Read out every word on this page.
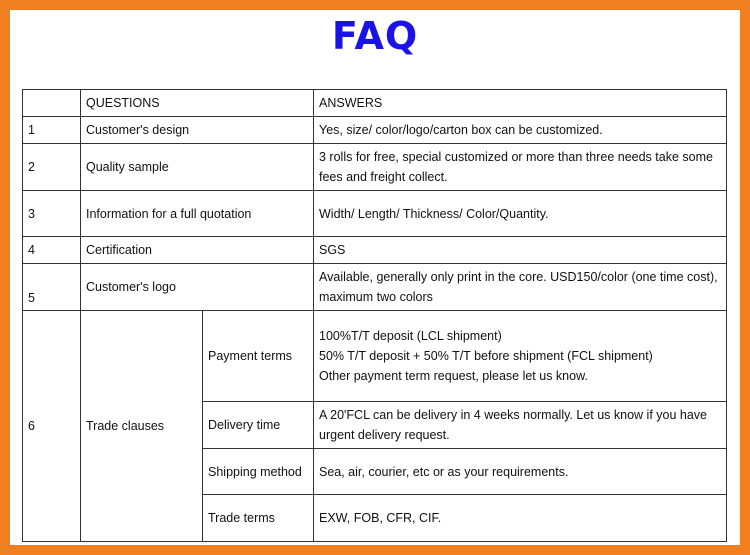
FAQ
	QUESTIONS		ANSWERS
1	Customer's design		Yes, size/ color/logo/carton box can be customized.
2	Quality sample		3 rolls for free, special customized or more than three needs take some fees and freight collect.
3	Information for a full quotation		Width/ Length/ Thickness/ Color/Quantity.
4	Certification		SGS
5	Customer's logo		Available, generally only print in the core. USD150/color (one time cost), maximum two colors
6	Trade clauses	Payment terms	100%T/T deposit (LCL shipment)
50% T/T deposit + 50% T/T before shipment (FCL shipment)
Other payment term request, please let us know.

		Delivery time	A 20'FCL can be delivery in 4 weeks normally. Let us know if you have urgent delivery request.
		Shipping method	Sea, air, courier, etc or as your requirements.
		Trade terms	EXW, FOB, CFR, CIF.
